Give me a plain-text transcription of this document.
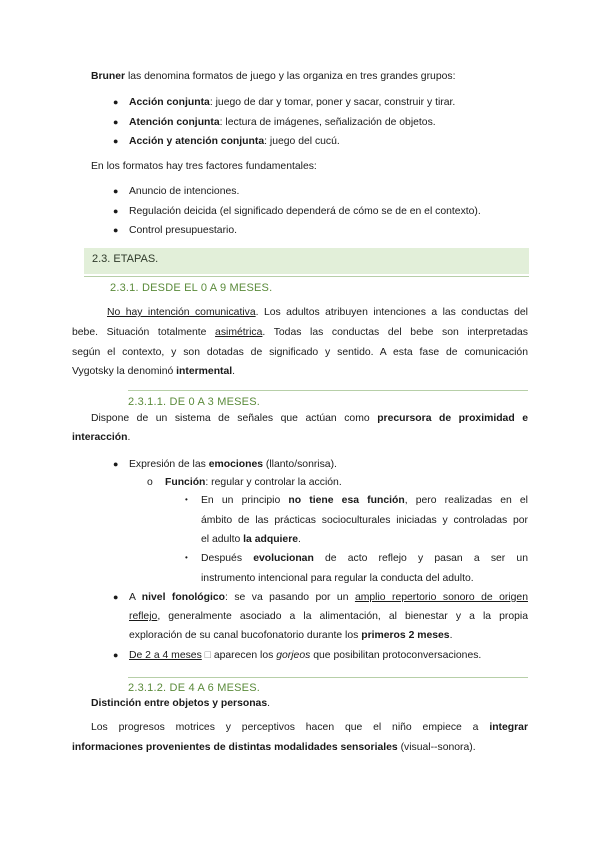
Bruner las denomina formatos de juego y las organiza en tres grandes grupos:
● Acción conjunta: juego de dar y tomar, poner y sacar, construir y tirar.
● Atención conjunta: lectura de imágenes, señalización de objetos.
● Acción y atención conjunta: juego del cucú.
En los formatos hay tres factores fundamentales:
● Anuncio de intenciones.
● Regulación deicida (el significado dependerá de cómo se de en el contexto).
● Control presupuestario.
2.3. ETAPAS.
2.3.1. DESDE EL 0 A 9 MESES.
No hay intención comunicativa. Los adultos atribuyen intenciones a las conductas del
bebe. Situación totalmente asimétrica. Todas las conductas del bebe son interpretadas
según el contexto, y son dotadas de significado y sentido. A esta fase de comunicación
Vygotsky la denominó intermental.
2.3.1.1. DE 0 A 3 MESES.
Dispone de un sistema de señales que actúan como precursora de proximidad e
interacción.
● Expresión de las emociones (llanto/sonrisa).
o Función: regular y controlar la acción.
• En un principio no tiene esa función, pero realizadas en el
ámbito de las prácticas socioculturales iniciadas y controladas por
el adulto la adquiere.
• Después evolucionan de acto reflejo y pasan a ser un
instrumento intencional para regular la conducta del adulto.
● A nivel fonológico: se va pasando por un amplio repertorio sonoro de origen
reflejo, generalmente asociado a la alimentación, al bienestar y a la propia
exploración de su canal bucofonatorio durante los primeros 2 meses.
● De 2 a 4 meses □ aparecen los gorjeos que posibilitan protoconversaciones.
2.3.1.2. DE 4 A 6 MESES.
Distinción entre objetos y personas.
Los progresos motrices y perceptivos hacen que el niño empiece a integrar
informaciones provenientes de distintas modalidades sensoriales (visual--sonora).
